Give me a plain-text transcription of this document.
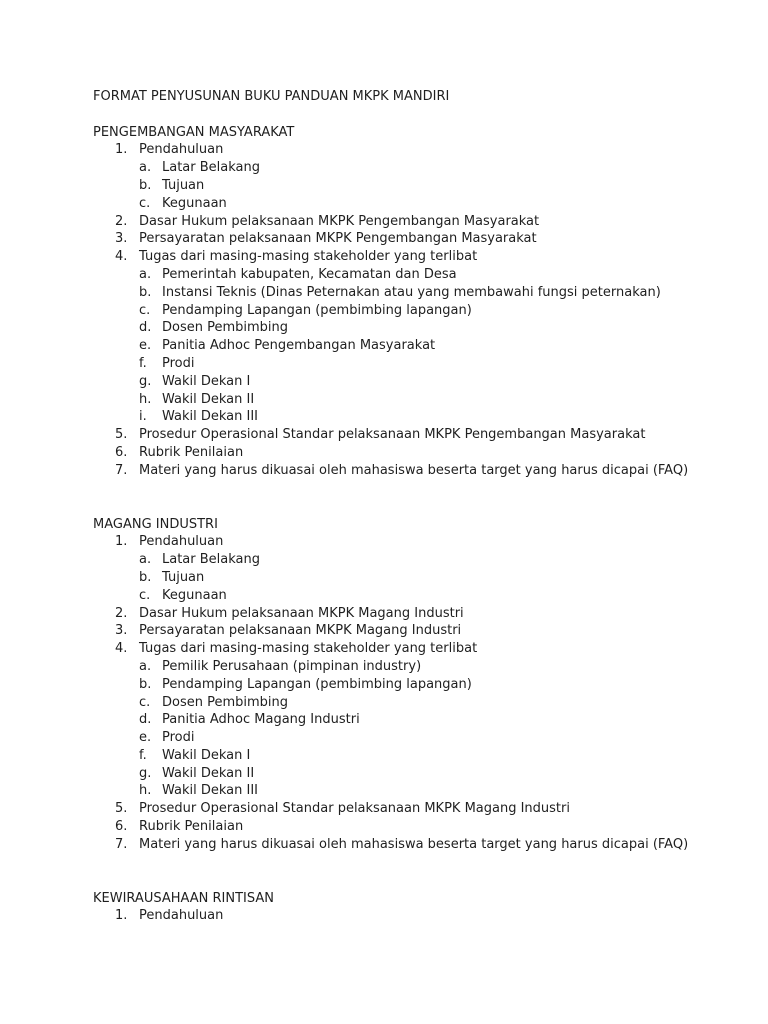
FORMAT PENYUSUNAN BUKU PANDUAN MKPK MANDIRI
PENGEMBANGAN MASYARAKAT
1. Pendahuluan
a. Latar Belakang
b. Tujuan
c. Kegunaan
2. Dasar Hukum pelaksanaan MKPK Pengembangan Masyarakat
3. Persayaratan pelaksanaan MKPK Pengembangan Masyarakat
4. Tugas dari masing-masing stakeholder yang terlibat
a. Pemerintah kabupaten, Kecamatan dan Desa
b. Instansi Teknis (Dinas Peternakan atau yang membawahi fungsi peternakan)
c. Pendamping Lapangan (pembimbing lapangan)
d. Dosen Pembimbing
e. Panitia Adhoc Pengembangan Masyarakat
f. Prodi
g. Wakil Dekan I
h. Wakil Dekan II
i. Wakil Dekan III
5. Prosedur Operasional Standar pelaksanaan MKPK Pengembangan Masyarakat
6. Rubrik Penilaian
7. Materi yang harus dikuasai oleh mahasiswa beserta target yang harus dicapai (FAQ)
MAGANG INDUSTRI
1. Pendahuluan
a. Latar Belakang
b. Tujuan
c. Kegunaan
2. Dasar Hukum pelaksanaan MKPK Magang Industri
3. Persayaratan pelaksanaan MKPK Magang Industri
4. Tugas dari masing-masing stakeholder yang terlibat
a. Pemilik Perusahaan (pimpinan industry)
b. Pendamping Lapangan (pembimbing lapangan)
c. Dosen Pembimbing
d. Panitia Adhoc Magang Industri
e. Prodi
f. Wakil Dekan I
g. Wakil Dekan II
h. Wakil Dekan III
5. Prosedur Operasional Standar pelaksanaan MKPK Magang Industri
6. Rubrik Penilaian
7. Materi yang harus dikuasai oleh mahasiswa beserta target yang harus dicapai (FAQ)
KEWIRAUSAHAAN RINTISAN
1. Pendahuluan
